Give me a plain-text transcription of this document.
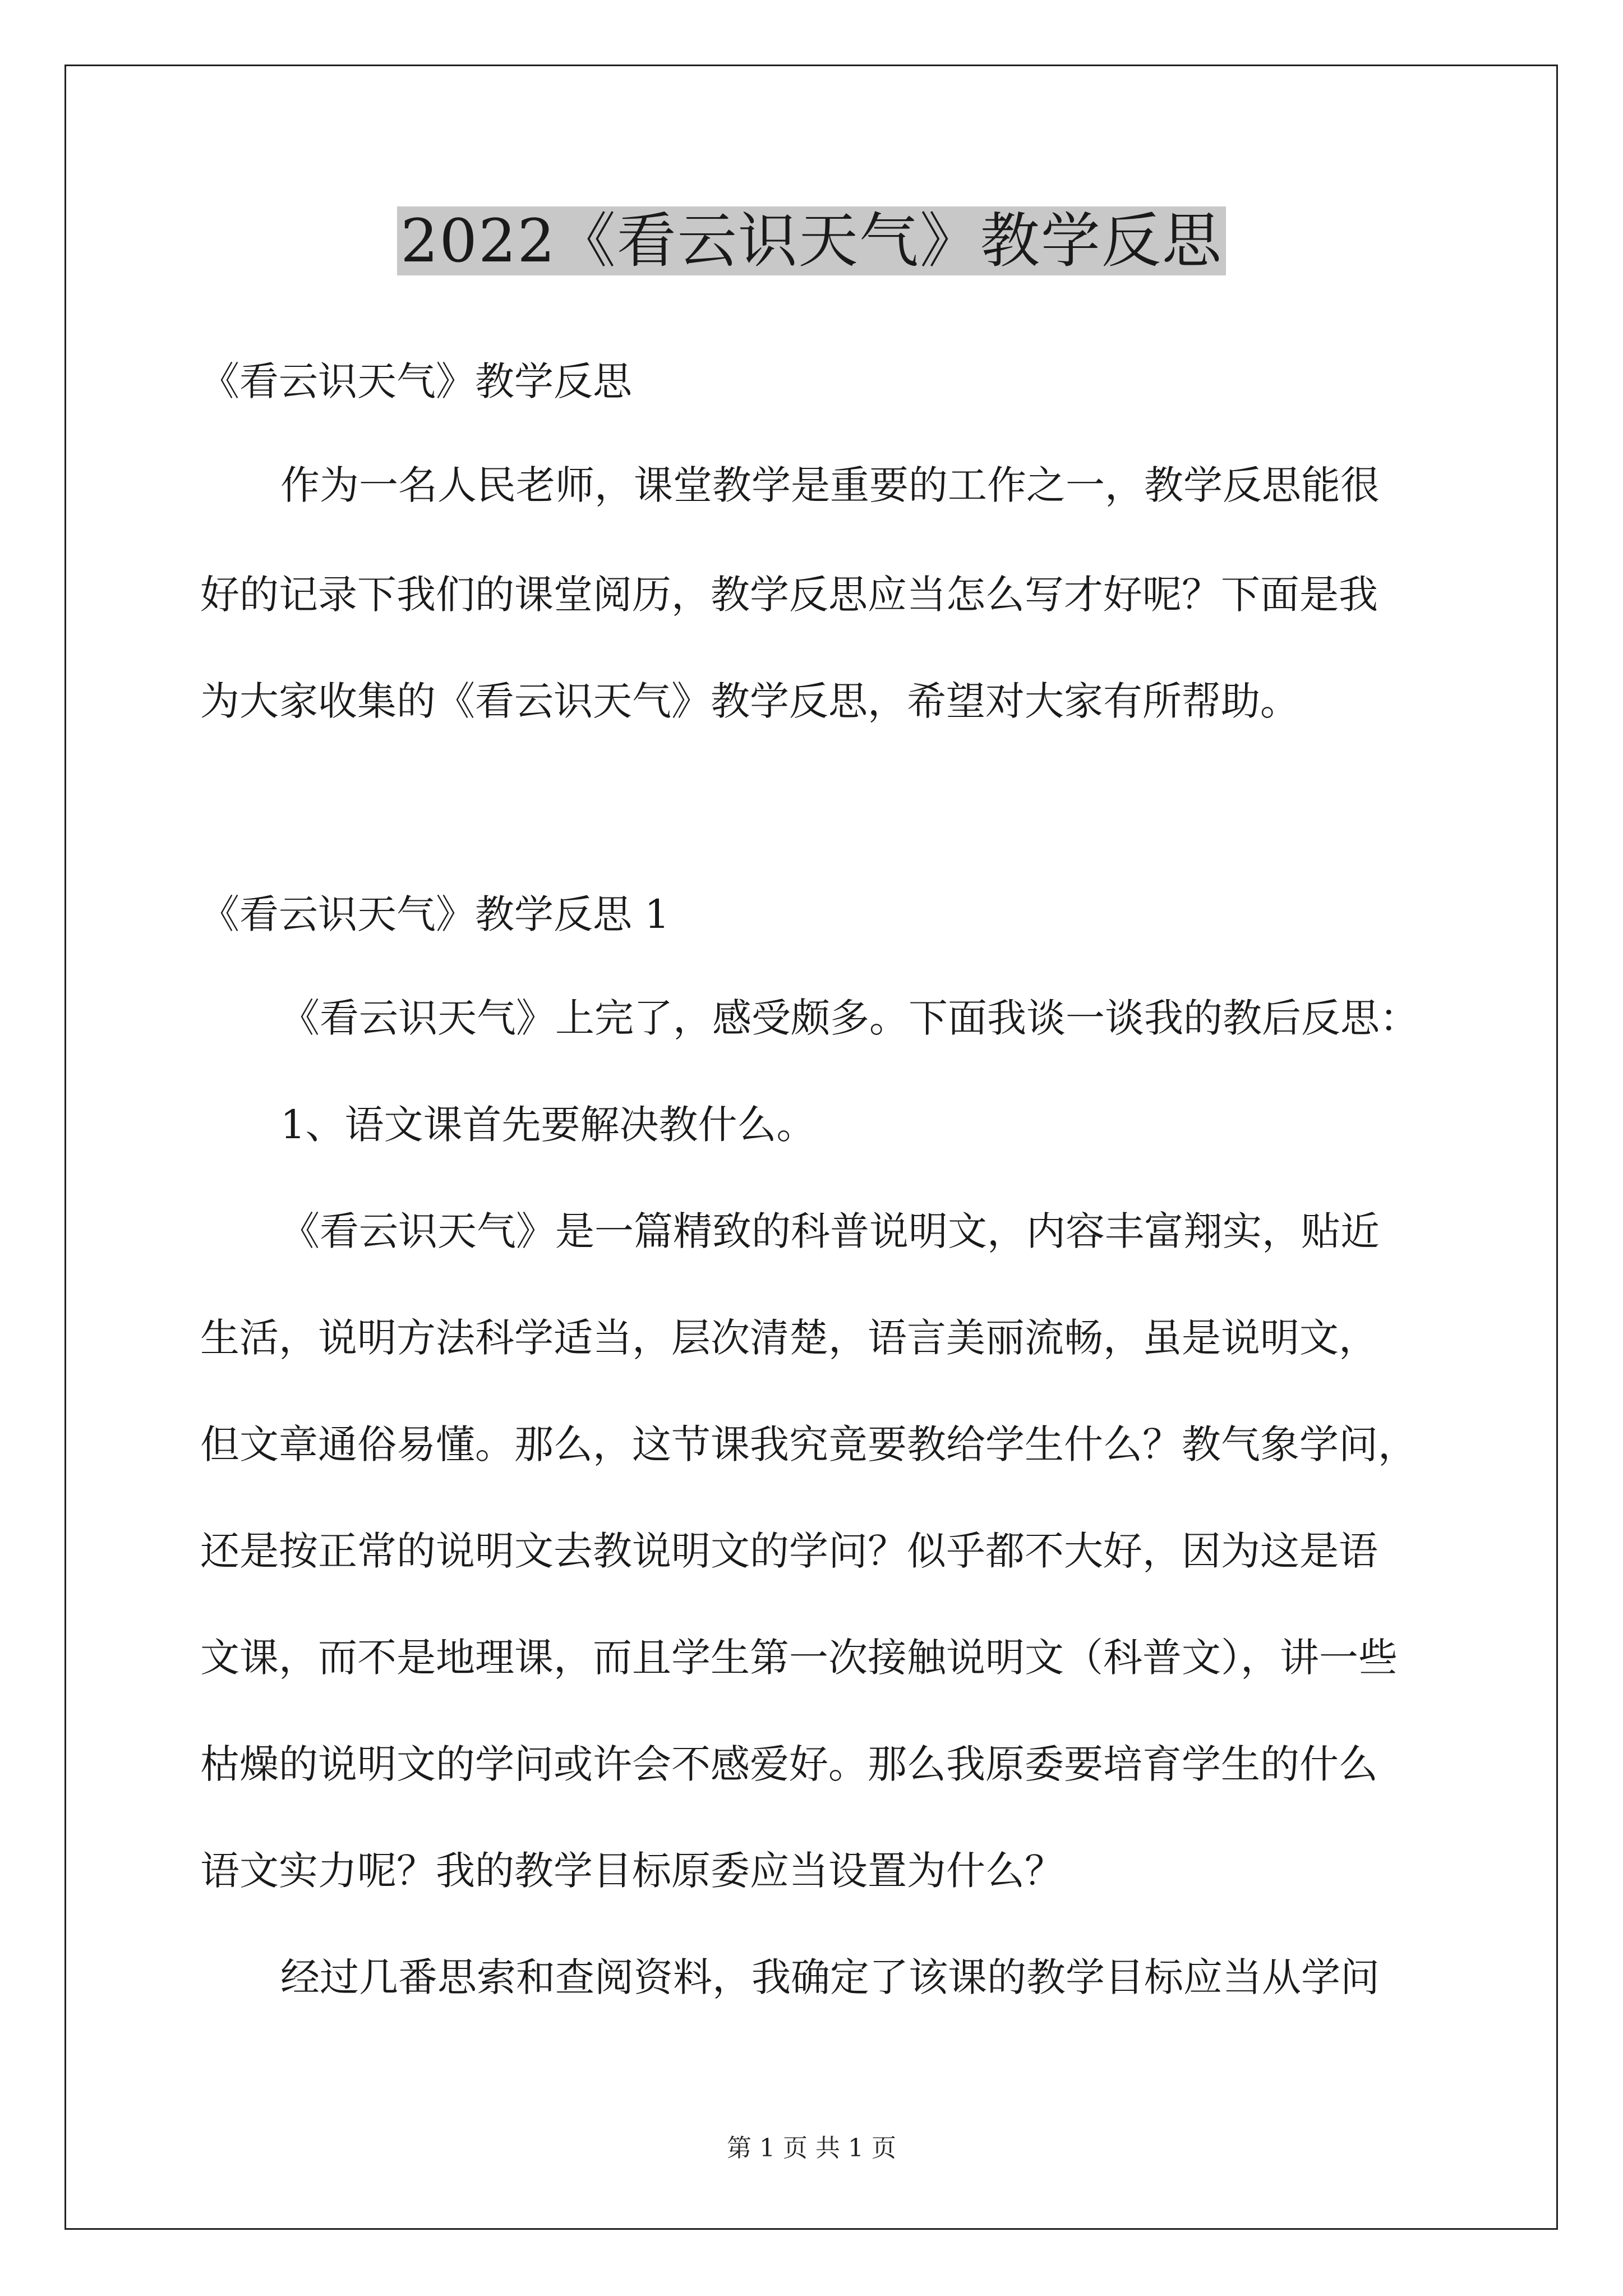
2022《看云识天气》教学反思
《看云识天气》教学反思
作为一名人民老师，课堂教学是重要的工作之一，教学反思能很
好的记录下我们的课堂阅历，教学反思应当怎么写才好呢？下面是我
为大家收集的《看云识天气》教学反思，希望对大家有所帮助。
《看云识天气》教学反思 1
《看云识天气》上完了，感受颇多。下面我谈一谈我的教后反思：
1、语文课首先要解决教什么。
《看云识天气》是一篇精致的科普说明文，内容丰富翔实，贴近
生活，说明方法科学适当，层次清楚，语言美丽流畅，虽是说明文，
但文章通俗易懂。那么，这节课我究竟要教给学生什么？教气象学问，
还是按正常的说明文去教说明文的学问？似乎都不大好，因为这是语
文课，而不是地理课，而且学生第一次接触说明文（科普文），讲一些
枯燥的说明文的学问或许会不感爱好。那么我原委要培育学生的什么
语文实力呢？我的教学目标原委应当设置为什么？
经过几番思索和查阅资料，我确定了该课的教学目标应当从学问
第 1 页 共 1 页
